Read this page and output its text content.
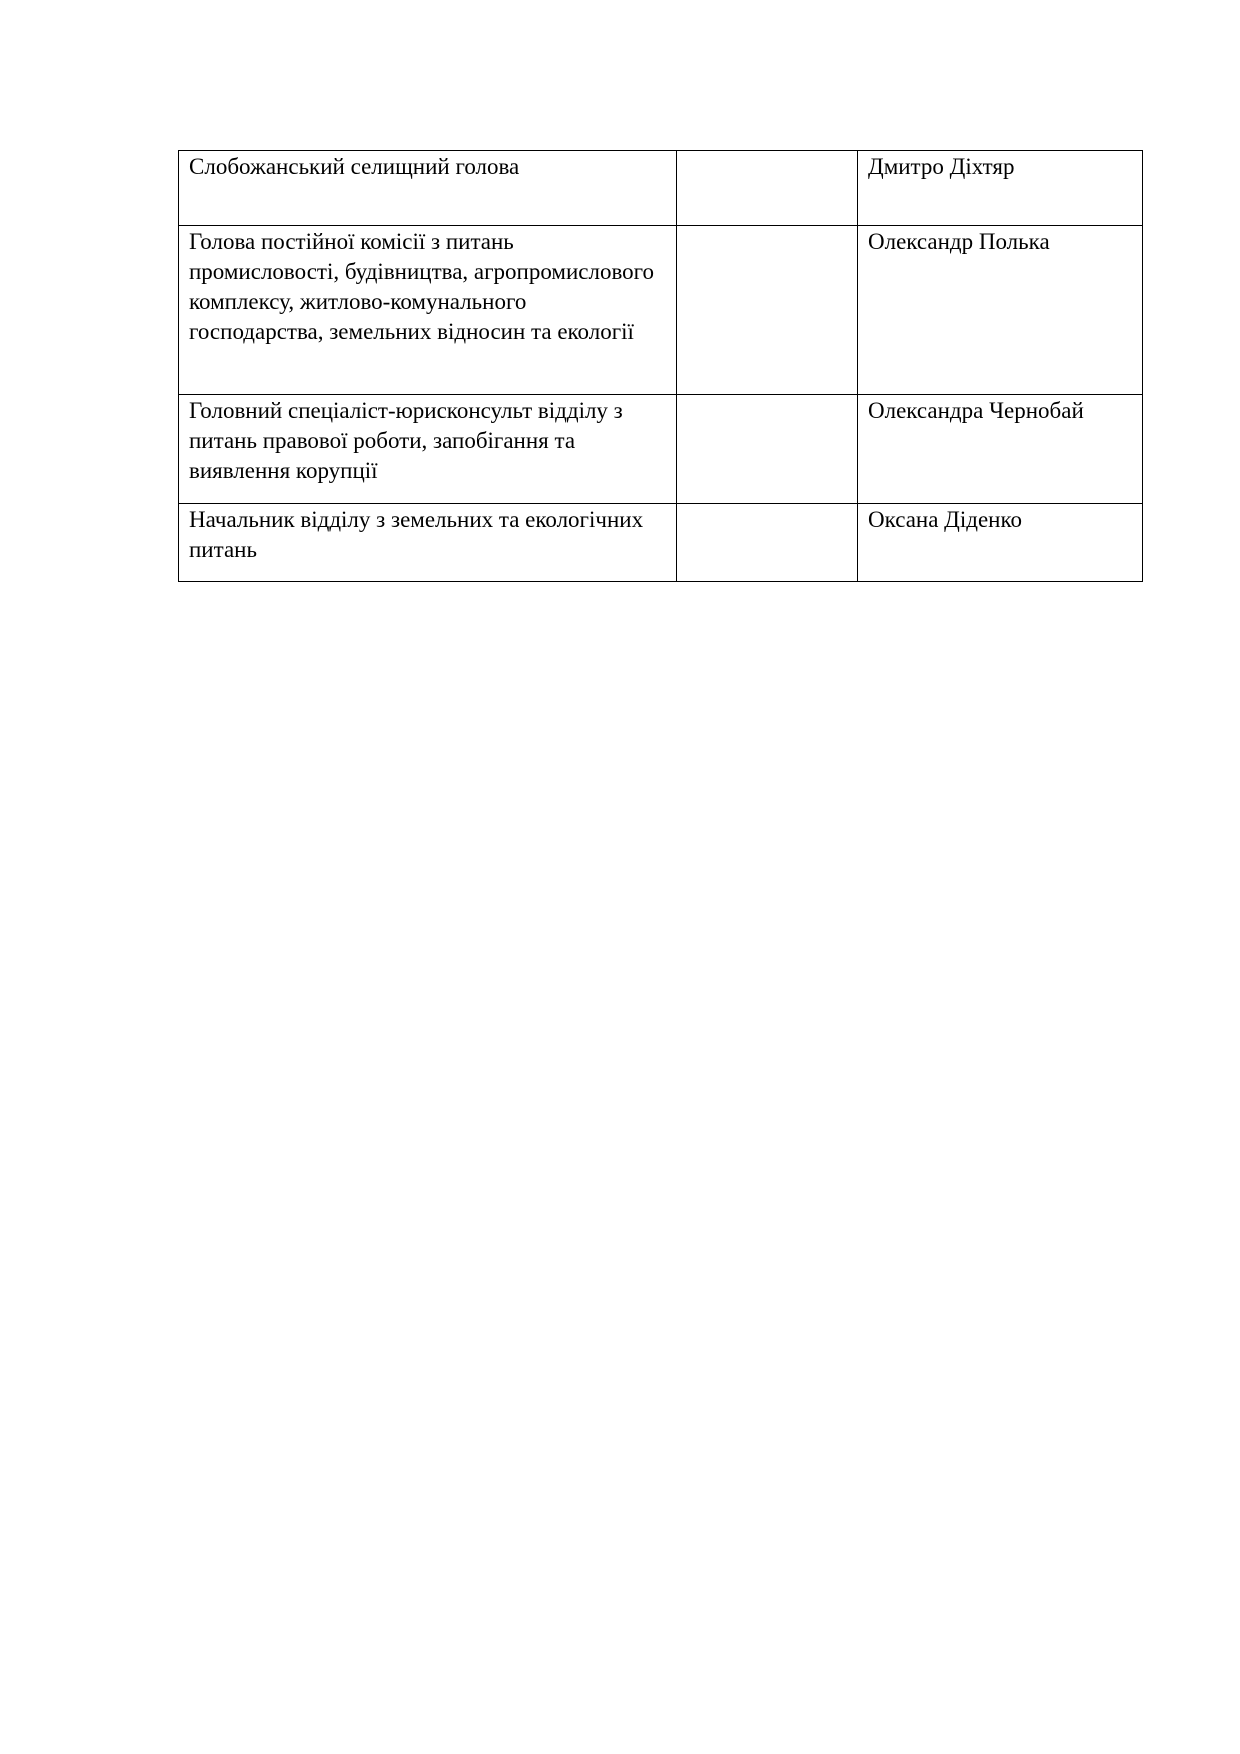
Слобожанський селищний голова		Дмитро Діхтяр

Голова постійної комісії з питань промисловості, будівництва, агропромислового комплексу, житлово-комунального господарства, земельних відносин та екології		Олександр Полька

Головний спеціаліст-юрисконсульт відділу з питань правової роботи, запобігання та виявлення корупції		Олександра Чернобай

Начальник відділу з земельних та екологічних питань		Оксана Діденко
